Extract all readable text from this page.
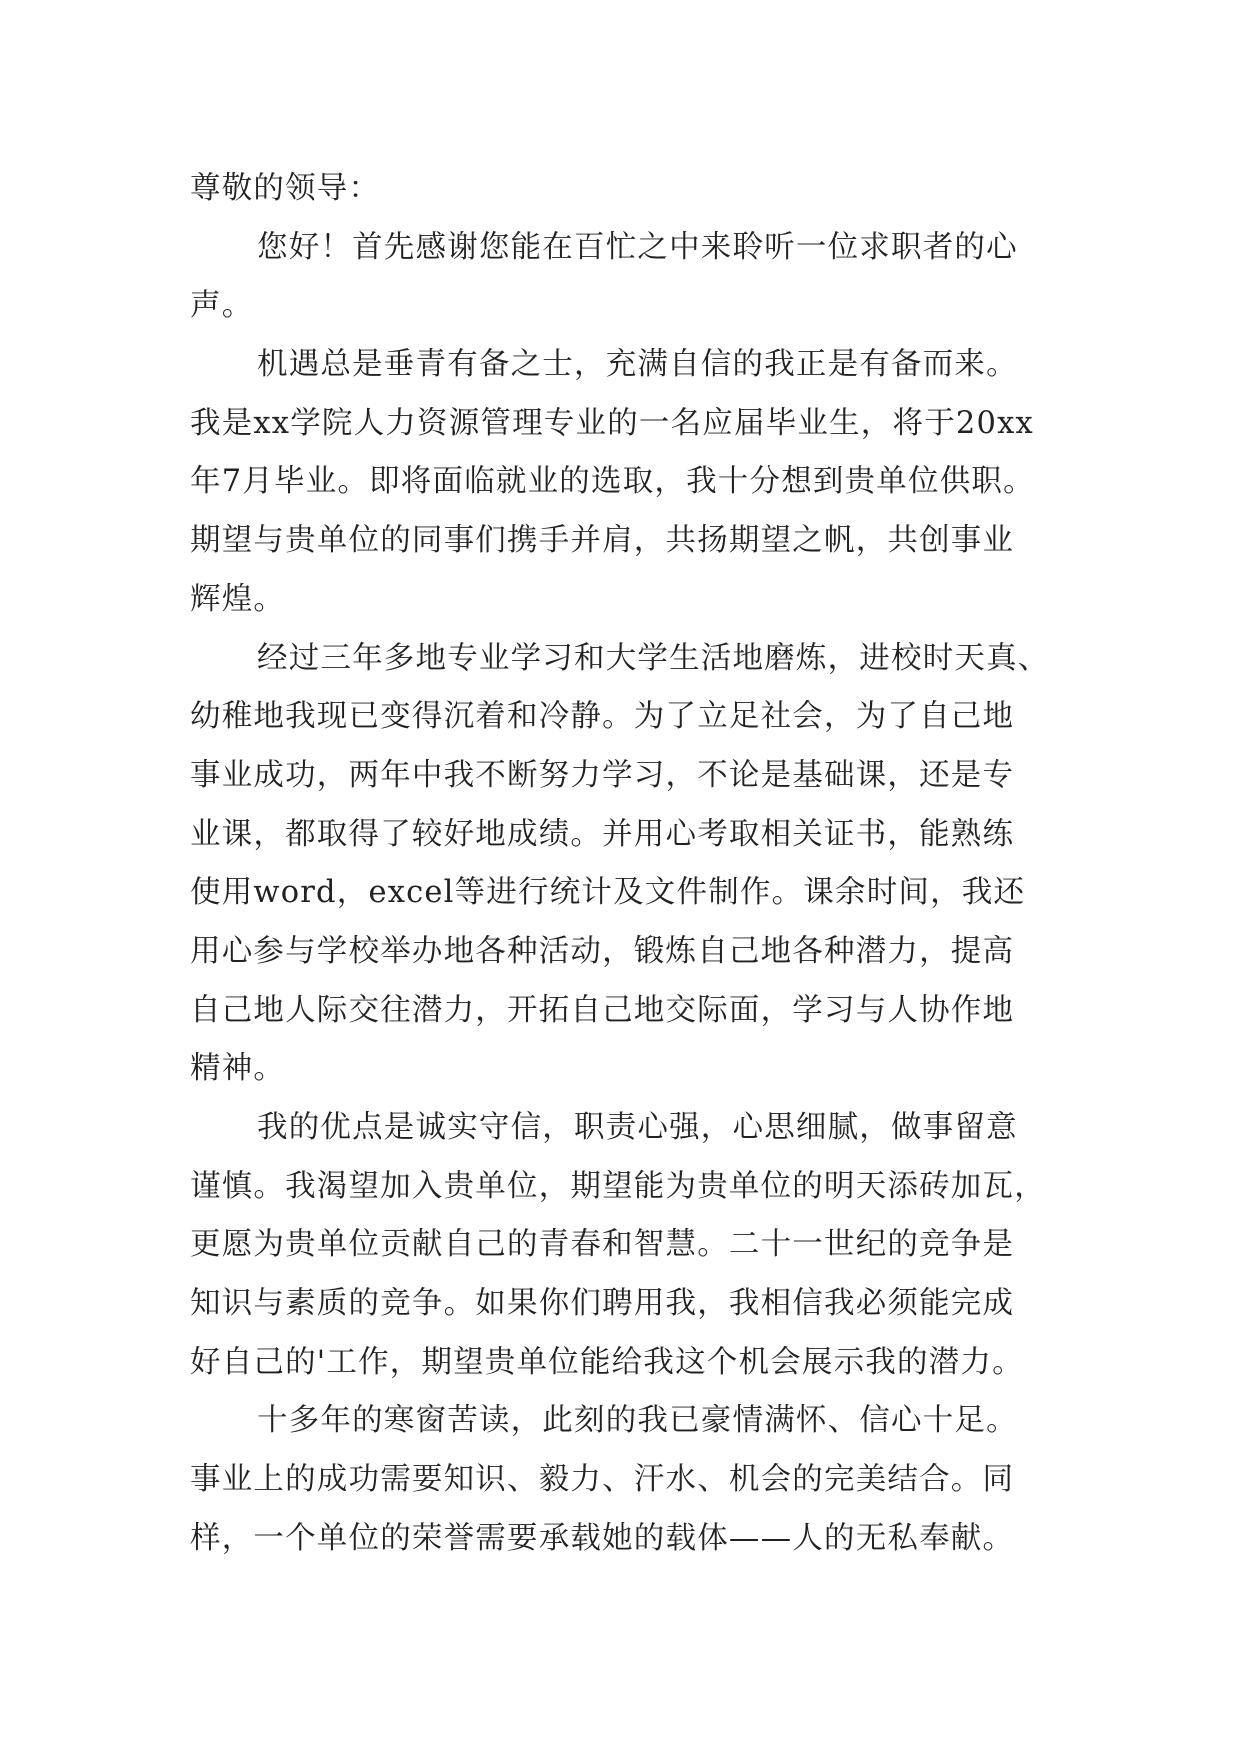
尊敬的领导：
您好！首先感谢您能在百忙之中来聆听一位求职者的心
声。
机遇总是垂青有备之士，充满自信的我正是有备而来。
我是xx学院人力资源管理专业的一名应届毕业生，将于20xx
年7月毕业。即将面临就业的选取，我十分想到贵单位供职。
期望与贵单位的同事们携手并肩，共扬期望之帆，共创事业
辉煌。
经过三年多地专业学习和大学生活地磨炼，进校时天真、
幼稚地我现已变得沉着和冷静。为了立足社会，为了自己地
事业成功，两年中我不断努力学习，不论是基础课，还是专
业课，都取得了较好地成绩。并用心考取相关证书，能熟练
使用word，excel等进行统计及文件制作。课余时间，我还
用心参与学校举办地各种活动，锻炼自己地各种潜力，提高
自己地人际交往潜力，开拓自己地交际面，学习与人协作地
精神。
我的优点是诚实守信，职责心强，心思细腻，做事留意
谨慎。我渴望加入贵单位，期望能为贵单位的明天添砖加瓦，
更愿为贵单位贡献自己的青春和智慧。二十一世纪的竞争是
知识与素质的竞争。如果你们聘用我，我相信我必须能完成
好自己的'工作，期望贵单位能给我这个机会展示我的潜力。
十多年的寒窗苦读，此刻的我已豪情满怀、信心十足。
事业上的成功需要知识、毅力、汗水、机会的完美结合。同
样，一个单位的荣誉需要承载她的载体——人的无私奉献。
